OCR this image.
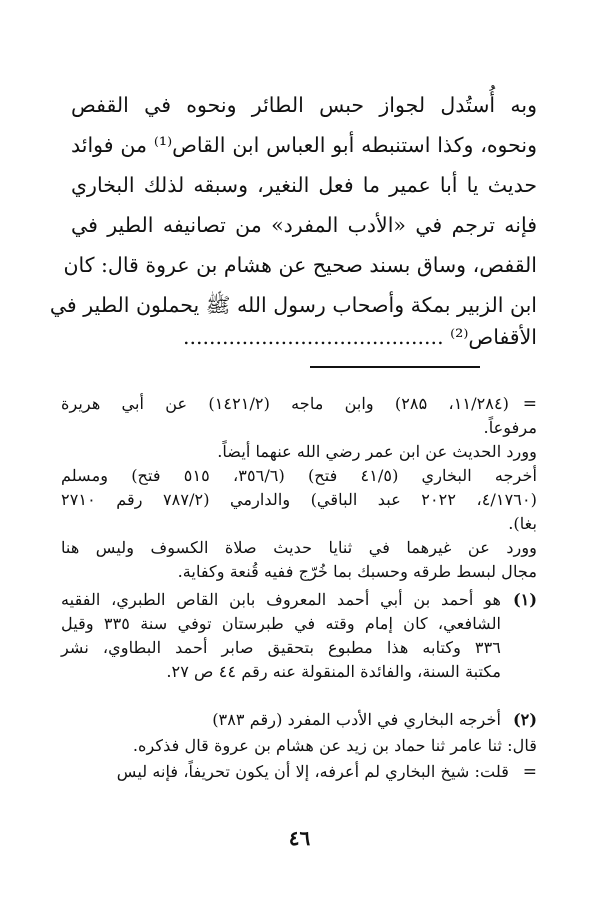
وبه أُستُدل لجواز حبس الطائر ونحوه في القفص
ونحوه، وكذا استنبطه أبو العباس ابن القاص⁽¹⁾ من فوائد
حديث يا أبا عمير ما فعل النغير، وسبقه لذلك البخاري
فإنه ترجم في «الأدب المفرد» من تصانيفه الطير في
القفص، وساق بسند صحيح عن هشام بن عروة قال: كان
ابن الزبير بمكة وأصحاب رسول الله ﷺ يحملون الطير في
الأقفاص⁽²⁾ ........................................
=
(۲۸٤/۱۱، ۲۸۵) وابن ماجه (۱٤۲۱/۲) عن أبي هريرة
مرفوعاً.
وورد الحديث عن ابن عمر رضي الله عنهما أيضاً.
أخرجه البخاري (٤۱/٥ فتح) (۳٥٦/٦، ٥١٥ فتح) ومسلم
(۱۷٦۰/٤، ۲۰۲۲ عبد الباقي) والدارمي (۷۸۷/۲ رقم ۲۷۱۰
بغا).
وورد عن غيرهما في ثنايا حديث صلاة الكسوف وليس هنا
مجال لبسط طرقه وحسبك بما خُرّج ففيه قُنعة وكفاية.
(۱)
هو أحمد بن أبي أحمد المعروف بابن القاص الطبري، الفقيه
الشافعي، كان إمام وقته في طبرستان توفي سنة ۳۳٥ وقيل
۳۳٦ وكتابه هذا مطبوع بتحقيق صابر أحمد البطاوي، نشر
مكتبة السنة، والفائدة المنقولة عنه رقم ٤٤ ص ۲۷.
(۲)
أخرجه البخاري في الأدب المفرد (رقم ۳۸۳)
قال: ثنا عامر ثنا حماد بن زيد عن هشام بن عروة قال فذكره.
قلت: شيخ البخاري لم أعرفه، إلا أن يكون تحريفاً، فإنه ليس =
٤٦
